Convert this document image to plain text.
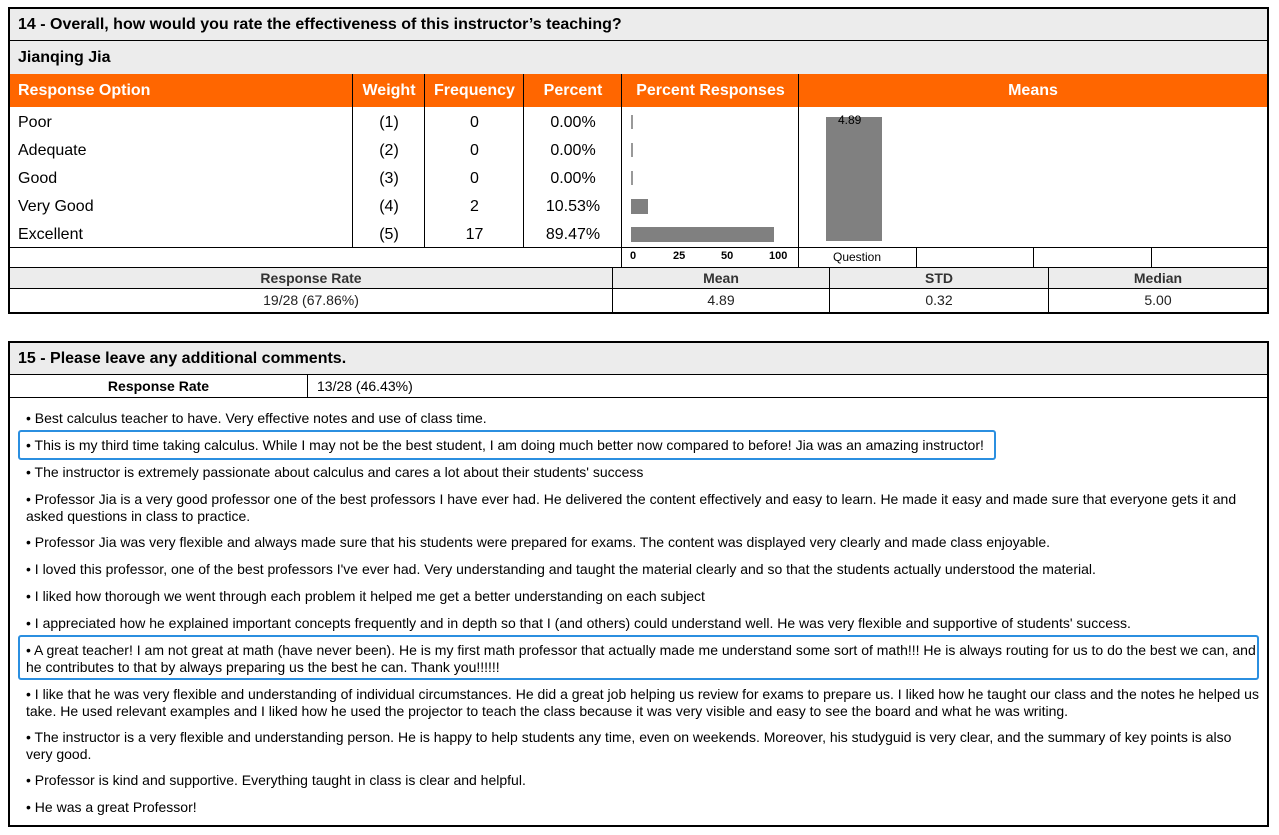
14 - Overall, how would you rate the effectiveness of this instructor’s teaching?
Jianqing Jia
Response Option	Weight	Frequency	Percent	Percent Responses	Means
Poor	(1)	0	0.00%
Adequate	(2)	0	0.00%
Good	(3)	0	0.00%
Very Good	(4)	2	10.53%
Excellent	(5)	17	89.47%
4.89
0	25	50	100	Question
Response Rate	Mean	STD	Median
19/28 (67.86%)	4.89	0.32	5.00
15 - Please leave any additional comments.
Response Rate	13/28 (46.43%)
• Best calculus teacher to have. Very effective notes and use of class time.
• This is my third time taking calculus. While I may not be the best student, I am doing much better now compared to before! Jia was an amazing instructor!
• The instructor is extremely passionate about calculus and cares a lot about their students' success
• Professor Jia is a very good professor one of the best professors I have ever had. He delivered the content effectively and easy to learn. He made it easy and made sure that everyone gets it and asked questions in class to practice.
• Professor Jia was very flexible and always made sure that his students were prepared for exams. The content was displayed very clearly and made class enjoyable.
• I loved this professor, one of the best professors I've ever had. Very understanding and taught the material clearly and so that the students actually understood the material.
• I liked how thorough we went through each problem it helped me get a better understanding on each subject
• I appreciated how he explained important concepts frequently and in depth so that I (and others) could understand well. He was very flexible and supportive of students' success.
• A great teacher! I am not great at math (have never been). He is my first math professor that actually made me understand some sort of math!!! He is always routing for us to do the best we can, and he contributes to that by always preparing us the best he can. Thank you!!!!!!
• I like that he was very flexible and understanding of individual circumstances. He did a great job helping us review for exams to prepare us. I liked how he taught our class and the notes he helped us take. He used relevant examples and I liked how he used the projector to teach the class because it was very visible and easy to see the board and what he was writing.
• The instructor is a very flexible and understanding person. He is happy to help students any time, even on weekends. Moreover, his studyguid is very clear, and the summary of key points is also very good.
• Professor is kind and supportive. Everything taught in class is clear and helpful.
• He was a great Professor!
